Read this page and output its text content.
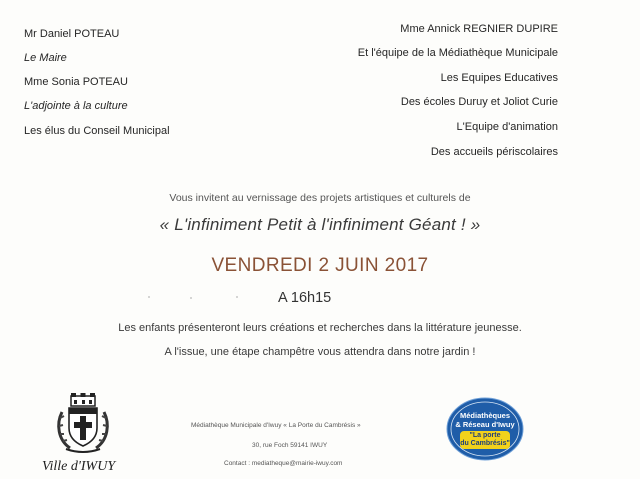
Mr Daniel POTEAU
Le Maire
Mme Sonia POTEAU
L'adjointe à la culture
Les élus du Conseil Municipal
Mme Annick REGNIER DUPIRE
Et l'équipe de la Médiathèque Municipale
Les Equipes Educatives
Des écoles Duruy et Joliot Curie
L'Equipe d'animation
Des accueils périscolaires
Vous invitent au vernissage des projets artistiques et culturels de
« L'infiniment Petit à l'infiniment Géant ! »
VENDREDI 2 JUIN 2017
A 16h15
Les enfants présenteront leurs créations et recherches dans la littérature jeunesse.
A l'issue, une étape champêtre vous attendra dans notre jardin !
Ville d'IWUY
Médiathèque Municipale d'Iwuy « La Porte du Cambrésis »
30, rue Foch 59141 IWUY
Contact : mediatheque@mairie-iwuy.com
Médiathèques
& Réseau d'Iwuy
"La porte
du Cambrésis"
